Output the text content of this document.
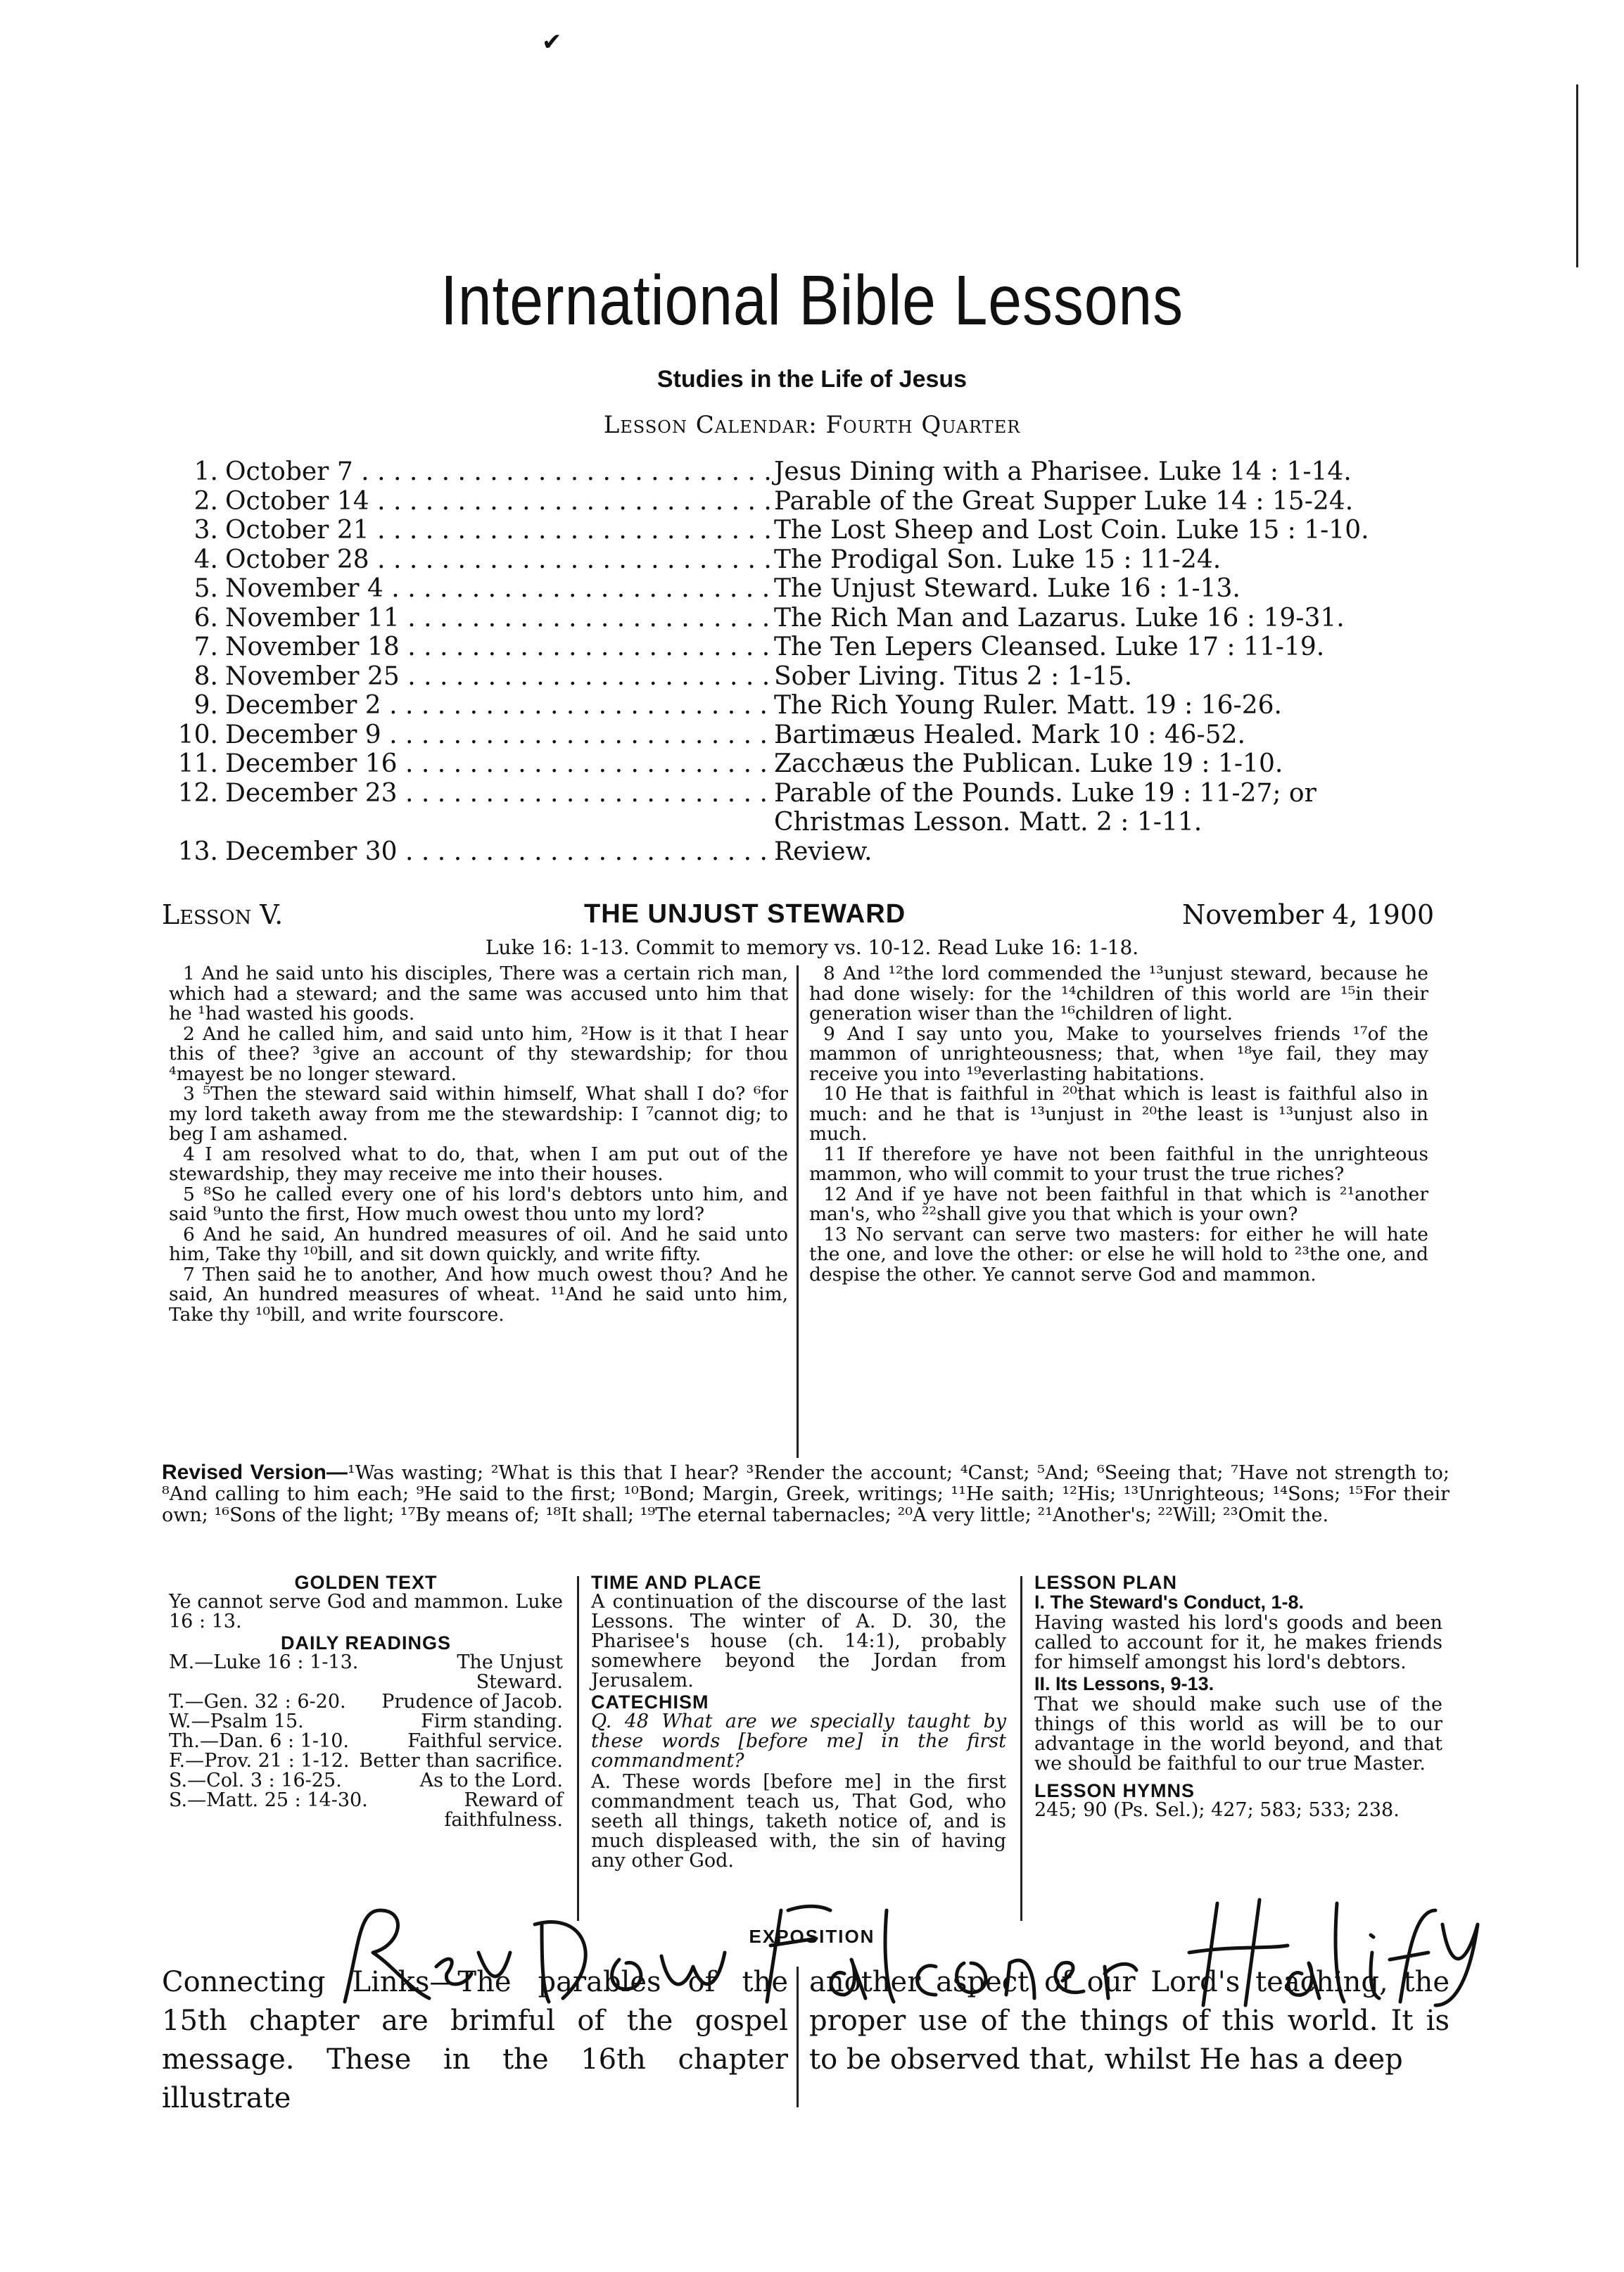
✔
International Bible Lessons
Studies in the Life of Jesus
Lesson Calendar: Fourth Quarter
1. October 7 . . .	Jesus Dining with a Pharisee. Luke 14 : 1-14.
2. October 14 . . .	Parable of the Great Supper Luke 14 : 15-24.
3. October 21 . . .	The Lost Sheep and Lost Coin. Luke 15 : 1-10.
4. October 28 . . .	The Prodigal Son. Luke 15 : 11-24.
5. November 4 . . .	The Unjust Steward. Luke 16 : 1-13.
6. November 11 . . .	The Rich Man and Lazarus. Luke 16 : 19-31.
7. November 18 . . .	The Ten Lepers Cleansed. Luke 17 : 11-19.
8. November 25 . . .	Sober Living. Titus 2 : 1-15.
9. December 2 . . .	The Rich Young Ruler. Matt. 19 : 16-26.
10. December 9 . . .	Bartimæus Healed. Mark 10 : 46-52.
11. December 16 . . .	Zacchæus the Publican. Luke 19 : 1-10.
12. December 23 . . .	Parable of the Pounds. Luke 19 : 11-27; or
Christmas Lesson. Matt. 2 : 1-11.
13. December 30 . . .	Review.
Lesson V.	THE UNJUST STEWARD	November 4, 1900
Luke 16: 1-13. Commit to memory vs. 10-12. Read Luke 16: 1-18.

1 And he said unto his disciples, There was a certain rich man, which had a steward; and the same was accused unto him that he ¹had wasted his goods.

2 And he called him, and said unto him, ²How is it that I hear this of thee? ³give an account of thy stewardship; for thou ⁴mayest be no longer steward.

3 ⁵Then the steward said within himself, What shall I do? ⁶for my lord taketh away from me the stewardship: I ⁷cannot dig; to beg I am ashamed.

4 I am resolved what to do, that, when I am put out of the stewardship, they may receive me into their houses.

5 ⁸So he called every one of his lord's debtors unto him, and said ⁹unto the first, How much owest thou unto my lord?

6 And he said, An hundred measures of oil. And he said unto him, Take thy ¹⁰bill, and sit down quickly, and write fifty.

7 Then said he to another, And how much owest thou? And he said, An hundred measures of wheat. ¹¹And he said unto him, Take thy ¹⁰bill, and write fourscore.

8 And ¹²the lord commended the ¹³unjust steward, because he had done wisely: for the ¹⁴children of this world are ¹⁵in their generation wiser than the ¹⁶children of light.

9 And I say unto you, Make to yourselves friends ¹⁷of the mammon of unrighteousness; that, when ¹⁸ye fail, they may receive you into ¹⁹everlasting habitations.

10 He that is faithful in ²⁰that which is least is faithful also in much: and he that is ¹³unjust in ²⁰the least is ¹³unjust also in much.

11 If therefore ye have not been faithful in the unrighteous mammon, who will commit to your trust the true riches?

12 And if ye have not been faithful in that which is ²¹another man's, who ²²shall give you that which is your own?

13 No servant can serve two masters: for either he will hate the one, and love the other: or else he will hold to ²³the one, and despise the other. Ye cannot serve God and mammon.

Revised Version—¹Was wasting; ²What is this that I hear? ³Render the account; ⁴Canst; ⁵And; ⁶Seeing that; ⁷Have not strength to; ⁸And calling to him each; ⁹He said to the first; ¹⁰Bond; Margin, Greek, writings; ¹¹He saith; ¹²His; ¹³Unrighteous; ¹⁴Sons; ¹⁵For their own; ¹⁶Sons of the light; ¹⁷By means of; ¹⁸It shall; ¹⁹The eternal tabernacles; ²⁰A very little; ²¹Another's; ²²Will; ²³Omit the.
GOLDEN TEXT

Ye cannot serve God and mammon. Luke 16 : 13.

DAILY READINGS
M.—Luke 16 : 1-13.	The Unjust Steward.
T.—Gen. 32 : 6-20.	Prudence of Jacob.
W.—Psalm 15.	Firm standing.
Th.—Dan. 6 : 1-10.	Faithful service.
F.—Prov. 21 : 1-12. Better than sacrifice.
S.—Col. 3 : 16-25.	As to the Lord.
S.—Matt. 25 : 14-30.	Reward of faithfulness.
TIME AND PLACE

A continuation of the discourse of the last Lessons. The winter of A. D. 30, the Pharisee's house (ch. 14:1), probably somewhere beyond the Jordan from Jerusalem.

CATECHISM

Q. 48 What are we specially taught by these words [before me] in the first commandment?

A. These words [before me] in the first commandment teach us, That God, who seeth all things, taketh notice of, and is much displeased with, the sin of having any other God.

LESSON PLAN

I. The Steward's Conduct, 1-8.

Having wasted his lord's goods and been called to account for it, he makes friends for himself amongst his lord's debtors.

II. Its Lessons, 9-13.

That we should make such use of the things of this world as will be to our advantage in the world beyond, and that we should be faithful to our true Master.

LESSON HYMNS

245; 90 (Ps. Sel.); 427; 583; 533; 238.

EXPOSITION
Connecting Links—The parables of the 15th chapter are brimful of the gospel message. These in the 16th chapter illustrate
another aspect of our Lord's teaching, the proper use of the things of this world. It is to be observed that, whilst He has a deep
